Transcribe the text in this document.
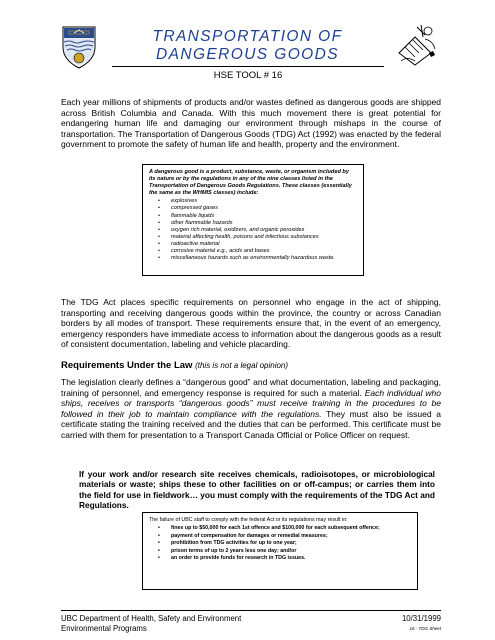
TRANSPORTATION OF DANGEROUS GOODS
HSE TOOL # 16

Each year millions of shipments of products and/or wastes defined as dangerous goods are shipped across British Columbia and Canada. With this much movement there is great potential for endangering human life and damaging our environment through mishaps in the course of transportation. The Transportation of Dangerous Goods (TDG) Act (1992) was enacted by the federal government to promote the safety of human life and health, property and the environment.

A dangerous good is a product, substance, waste, or organism included by its nature or by the regulations in any of the nine classes listed in the Transportation of Dangerous Goods Regulations. These classes (essentially the same as the WHMIS classes) include:

• explosives
• compressed gases
• flammable liquids
• other flammable hazards
• oxygen rich material, oxidizers, and organic peroxides
• material affecting health, poisons and infectious substances
• radioactive material
• corrosive material e.g., acids and bases
• miscellaneous hazards such as environmentally hazardous waste.

The TDG Act places specific requirements on personnel who engage in the act of shipping, transporting and receiving dangerous goods within the province, the country or across Canadian borders by all modes of transport. These requirements ensure that, in the event of an emergency, emergency responders have immediate access to information about the dangerous goods as a result of consistent documentation, labeling and vehicle placarding.

Requirements Under the Law (this is not a legal opinion)

The legislation clearly defines a “dangerous good” and what documentation, labeling and packaging, training of personnel, and emergency response is required for such a material. Each individual who ships, receives or transports “dangerous goods” must receive training in the procedures to be followed in their job to maintain compliance with the regulations. They must also be issued a certificate stating the training received and the duties that can be performed. This certificate must be carried with them for presentation to a Transport Canada Official or Police Officer on request.

If your work and/or research site receives chemicals, radioisotopes, or microbiological materials or waste; ships these to other facilities on or off-campus; or carries them into the field for use in fieldwork… you must comply with the requirements of the TDG Act and Regulations.

The failure of UBC staff to comply with the federal Act or its regulations may result in:

• fines up to $50,000 for each 1st offence and $100,000 for each subsequent offence;
• payment of compensation for damages or remedial measures;
• prohibition from TDG activities for up to one year;
• prison terms of up to 2 years less one day; and/or
• an order to provide funds for research in TDG issues.
UBC Department of Health, Safety and Environment
Environmental Programs
10/31/1999
16 - TDG Sheet
